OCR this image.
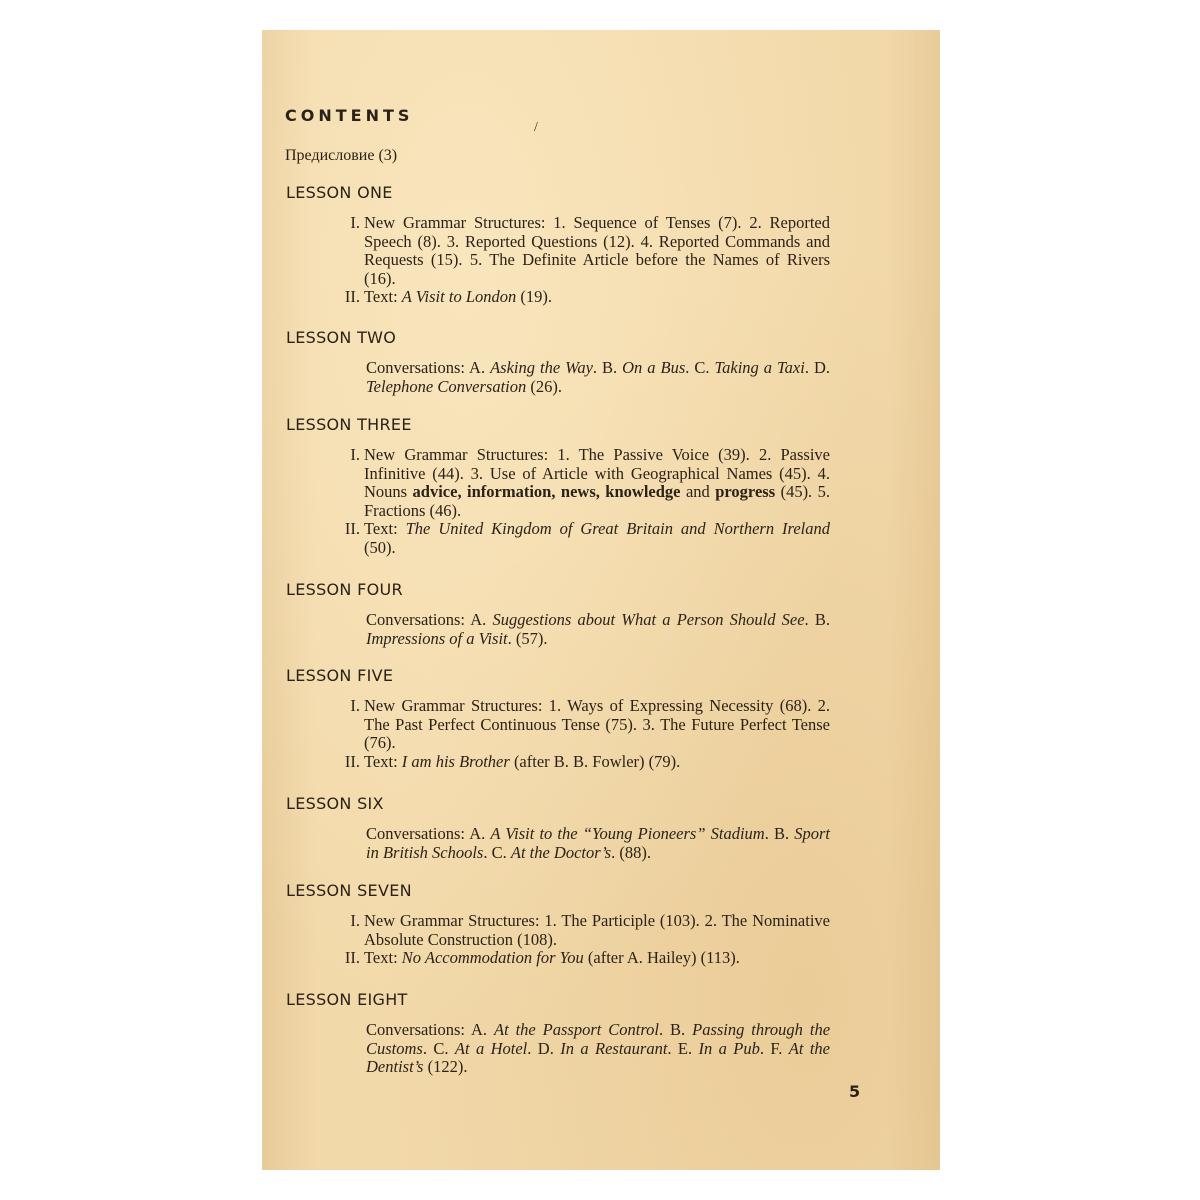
CONTENTS
/
Предисловие (3)
LESSON ONE
I. New Grammar Structures: 1. Sequence of Tenses (7). 2. Reported Speech (8). 3. Reported Questions (12). 4. Reported Commands and Requests (15). 5. The Definite Article before the Names of Rivers (16).
II. Text: A Visit to London (19).
LESSON TWO
Conversations: A. Asking the Way. B. On a Bus. C. Taking a Taxi. D. Telephone Conversation (26).
LESSON THREE
I. New Grammar Structures: 1. The Passive Voice (39). 2. Passive Infinitive (44). 3. Use of Article with Geographical Names (45). 4. Nouns advice, information, news, knowledge and progress (45). 5. Fractions (46).
II. Text: The United Kingdom of Great Britain and Northern Ireland (50).
LESSON FOUR
Conversations: A. Suggestions about What a Person Should See. B. Impressions of a Visit. (57).
LESSON FIVE
I. New Grammar Structures: 1. Ways of Expressing Necessity (68). 2. The Past Perfect Continuous Tense (75). 3. The Future Perfect Tense (76).
II. Text: I am his Brother (after B. B. Fowler) (79).
LESSON SIX
Conversations: A. A Visit to the “Young Pioneers” Stadium. B. Sport in British Schools. C. At the Doctor’s. (88).
LESSON SEVEN
I. New Grammar Structures: 1. The Participle (103). 2. The Nominative Absolute Construction (108).
II. Text: No Accommodation for You (after A. Hailey) (113).
LESSON EIGHT
Conversations: A. At the Passport Control. B. Passing through the Customs. C. At a Hotel. D. In a Restaurant. E. In a Pub. F. At the Dentist’s (122).
5
